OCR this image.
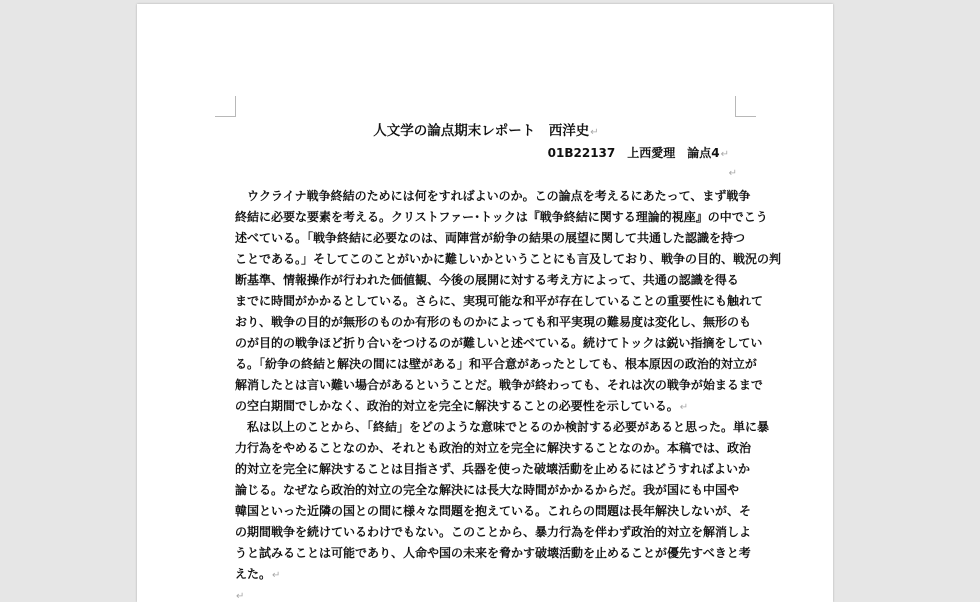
人文学の論点期末レポート　西洋史↵
01B22137　上西愛理　論点4↵
↵
　ウクライナ戦争終結のためには何をすればよいのか。この論点を考えるにあたって、まず戦争
終結に必要な要素を考える。クリストファー･トックは『戦争終結に関する理論的視座』の中でこう
述べている。「戦争終結に必要なのは、両陣営が紛争の結果の展望に関して共通した認識を持つ
ことである。」そしてこのことがいかに難しいかということにも言及しており、戦争の目的、戦況の判
断基準、情報操作が行われた価値観、今後の展開に対する考え方によって、共通の認識を得る
までに時間がかかるとしている。さらに、実現可能な和平が存在していることの重要性にも触れて
おり、戦争の目的が無形のものか有形のものかによっても和平実現の難易度は変化し、無形のも
のが目的の戦争ほど折り合いをつけるのが難しいと述べている。続けてトックは鋭い指摘をしてい
る。「紛争の終結と解決の間には壁がある」和平合意があったとしても、根本原因の政治的対立が
解消したとは言い難い場合があるということだ。戦争が終わっても、それは次の戦争が始まるまで
の空白期間でしかなく、政治的対立を完全に解決することの必要性を示している。↵
　私は以上のことから、「終結」をどのような意味でとるのか検討する必要があると思った。単に暴
力行為をやめることなのか、それとも政治的対立を完全に解決することなのか。本稿では、政治
的対立を完全に解決することは目指さず、兵器を使った破壊活動を止めるにはどうすればよいか
論じる。なぜなら政治的対立の完全な解決には長大な時間がかかるからだ。我が国にも中国や
韓国といった近隣の国との間に様々な問題を抱えている。これらの問題は長年解決しないが、そ
の期間戦争を続けているわけでもない。このことから、暴力行為を伴わず政治的対立を解消しよ
うと試みることは可能であり、人命や国の未来を脅かす破壊活動を止めることが優先すべきと考
えた。↵
↵
